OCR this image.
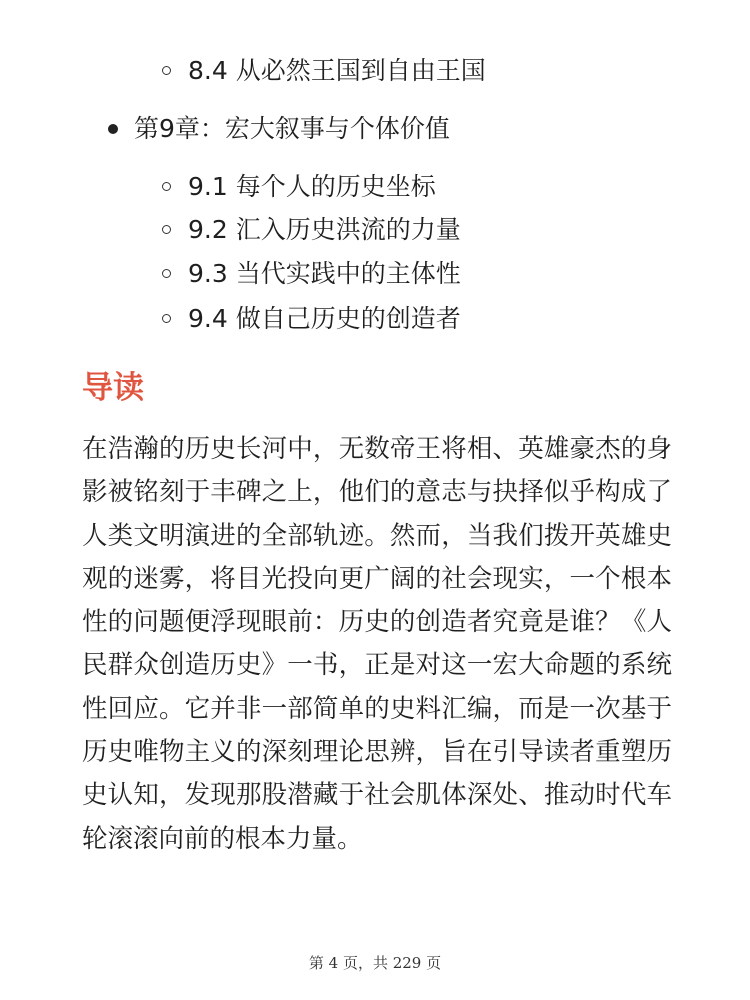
8.4 从必然王国到自由王国
第9章：宏大叙事与个体价值
9.1 每个人的历史坐标
9.2 汇入历史洪流的力量
9.3 当代实践中的主体性
9.4 做自己历史的创造者
导读

在浩瀚的历史长河中，无数帝王将相、英雄豪杰的身影被铭刻于丰碑之上，他们的意志与抉择似乎构成了人类文明演进的全部轨迹。然而，当我们拨开英雄史观的迷雾，将目光投向更广阔的社会现实，一个根本性的问题便浮现眼前：历史的创造者究竟是谁？《人民群众创造历史》一书，正是对这一宏大命题的系统性回应。它并非一部简单的史料汇编，而是一次基于历史唯物主义的深刻理论思辨，旨在引导读者重塑历史认知，发现那股潜藏于社会肌体深处、推动时代车轮滚滚向前的根本力量。

第 4 页，共 229 页
